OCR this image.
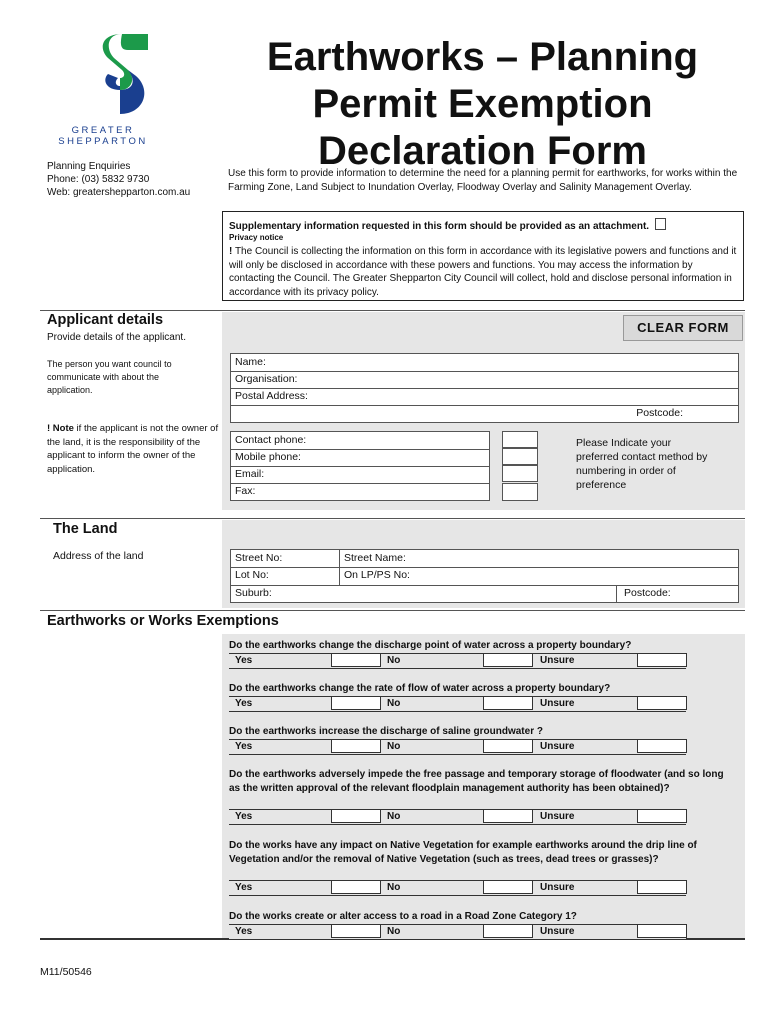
GREATER
SHEPPARTON
Planning Enquiries
Phone: (03) 5832 9730
Web: greatershepparton.com.au
Earthworks – Planning
Permit Exemption
Declaration Form
Use this form to provide information to determine the need for a planning permit for earthworks, for works within the Farming Zone, Land Subject to Inundation Overlay, Floodway Overlay and Salinity Management Overlay.
Supplementary information requested in this form should be provided as an attachment.
Privacy notice
! The Council is collecting the information on this form in accordance with its legislative powers and functions and it will only be disclosed in accordance with these powers and functions. You may access the information by contacting the Council. The Greater Shepparton City Council will collect, hold and disclose personal information in accordance with its privacy policy.
Applicant details
Provide details of the applicant.
CLEAR FORM
The person you want council to communicate with about the application.
! Note if the applicant is not the owner of the land, it is the responsibility of the applicant to inform the owner of the application.
Name:
Organisation:
Postal Address:
Postcode:
Contact phone:
Mobile phone:
Email:
Fax:
Please Indicate your preferred contact method by numbering in order of preference
The Land
Address of the land	Street No:	Street Name:
Lot No:	On LP/PS No:
Suburb:	Postcode:
Earthworks or Works Exemptions
Do the earthworks change the discharge point of water across a property boundary?
Yes	No	Unsure
Do the earthworks change the rate of flow of water across a property boundary?
Yes	No	Unsure
Do the earthworks increase the discharge of saline groundwater ?
Yes	No	Unsure
Do the earthworks adversely impede the free passage and temporary storage of floodwater (and so long as the written approval of the relevant floodplain management authority has been obtained)?
Yes	No	Unsure
Do the works have any impact on Native Vegetation for example earthworks around the drip line of Vegetation and/or the removal of Native Vegetation (such as trees, dead trees or grasses)?
Yes	No	Unsure
Do the works create or alter access to a road in a Road Zone Category 1?
Yes	No	Unsure
M11/50546
